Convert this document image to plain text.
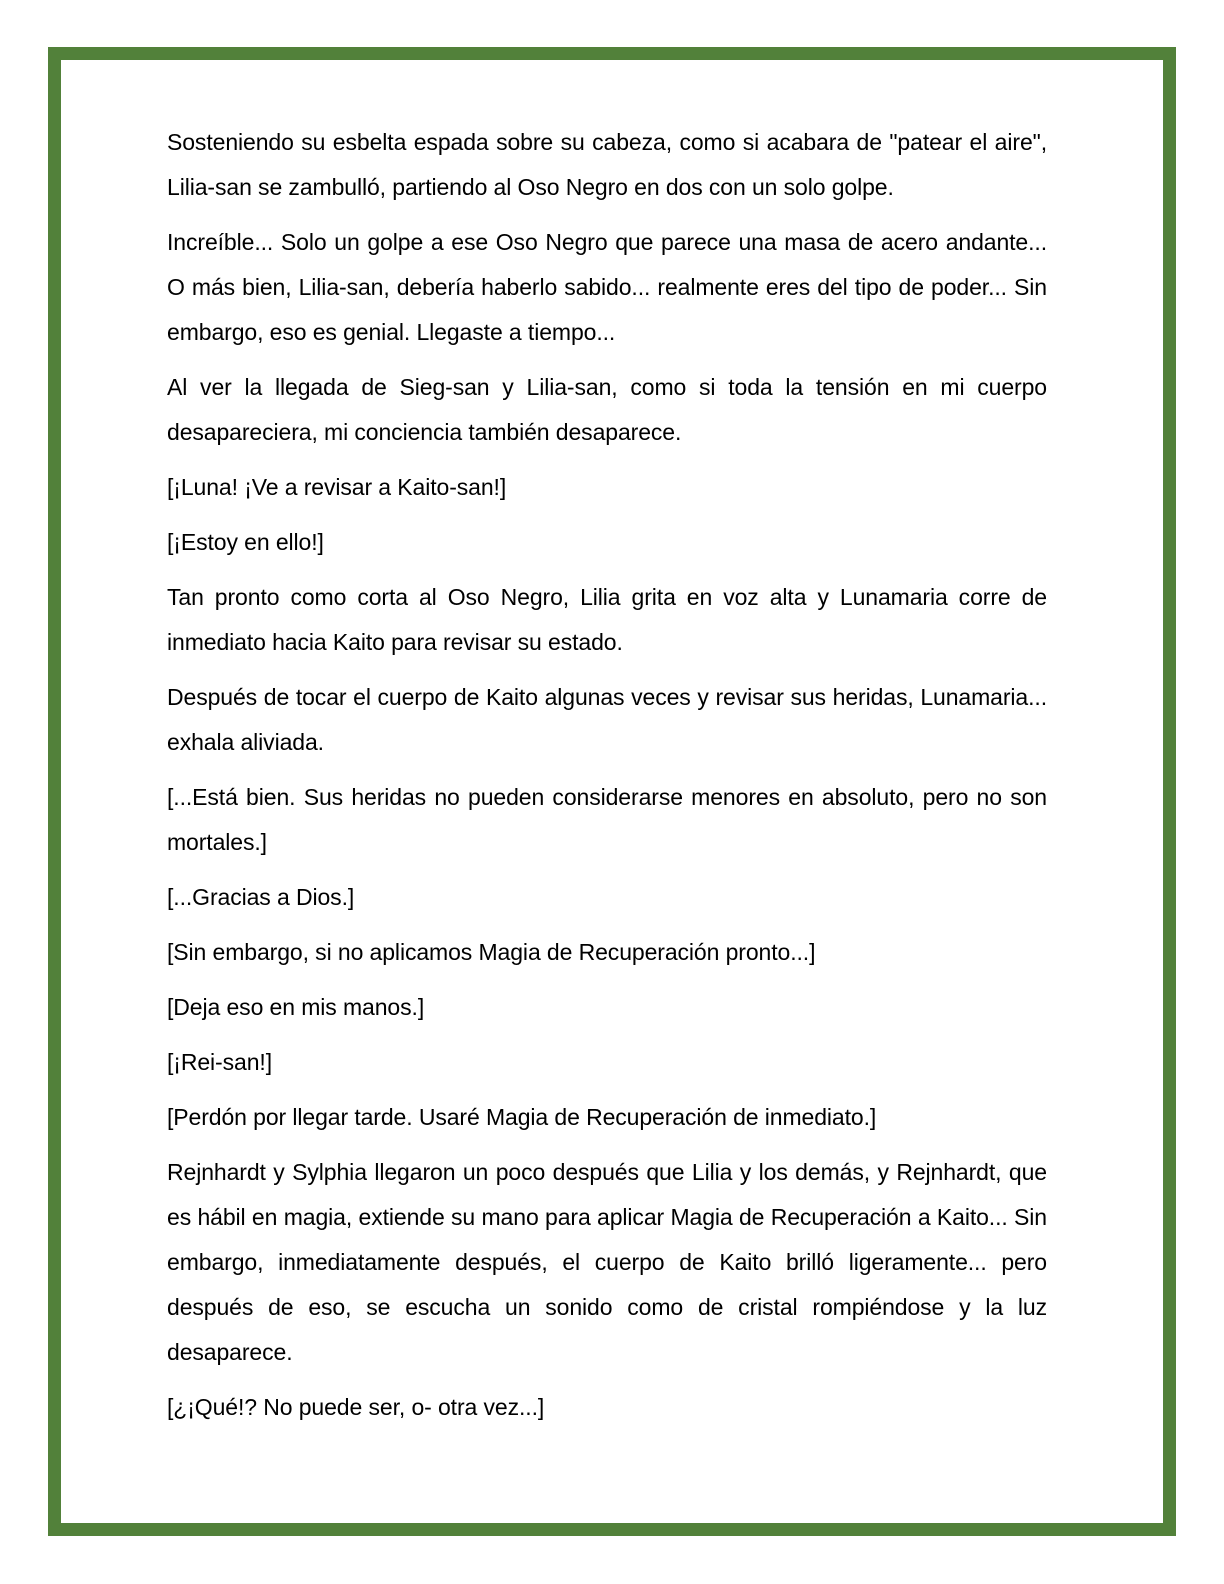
Sosteniendo su esbelta espada sobre su cabeza, como si acabara de "patear el aire", Lilia-san se zambulló, partiendo al Oso Negro en dos con un solo golpe.

Increíble... Solo un golpe a ese Oso Negro que parece una masa de acero andante... O más bien, Lilia-san, debería haberlo sabido... realmente eres del tipo de poder... Sin embargo, eso es genial. Llegaste a tiempo...

Al ver la llegada de Sieg-san y Lilia-san, como si toda la tensión en mi cuerpo desapareciera, mi conciencia también desaparece.

[¡Luna! ¡Ve a revisar a Kaito-san!]

[¡Estoy en ello!]

Tan pronto como corta al Oso Negro, Lilia grita en voz alta y Lunamaria corre de inmediato hacia Kaito para revisar su estado.

Después de tocar el cuerpo de Kaito algunas veces y revisar sus heridas, Lunamaria... exhala aliviada.

[...Está bien. Sus heridas no pueden considerarse menores en absoluto, pero no son mortales.]

[...Gracias a Dios.]

[Sin embargo, si no aplicamos Magia de Recuperación pronto...]

[Deja eso en mis manos.]

[¡Rei-san!]

[Perdón por llegar tarde. Usaré Magia de Recuperación de inmediato.]

Rejnhardt y Sylphia llegaron un poco después que Lilia y los demás, y Rejnhardt, que es hábil en magia, extiende su mano para aplicar Magia de Recuperación a Kaito... Sin embargo, inmediatamente después, el cuerpo de Kaito brilló ligeramente... pero después de eso, se escucha un sonido como de cristal rompiéndose y la luz desaparece.

[¿¡Qué!? No puede ser, o- otra vez...]
